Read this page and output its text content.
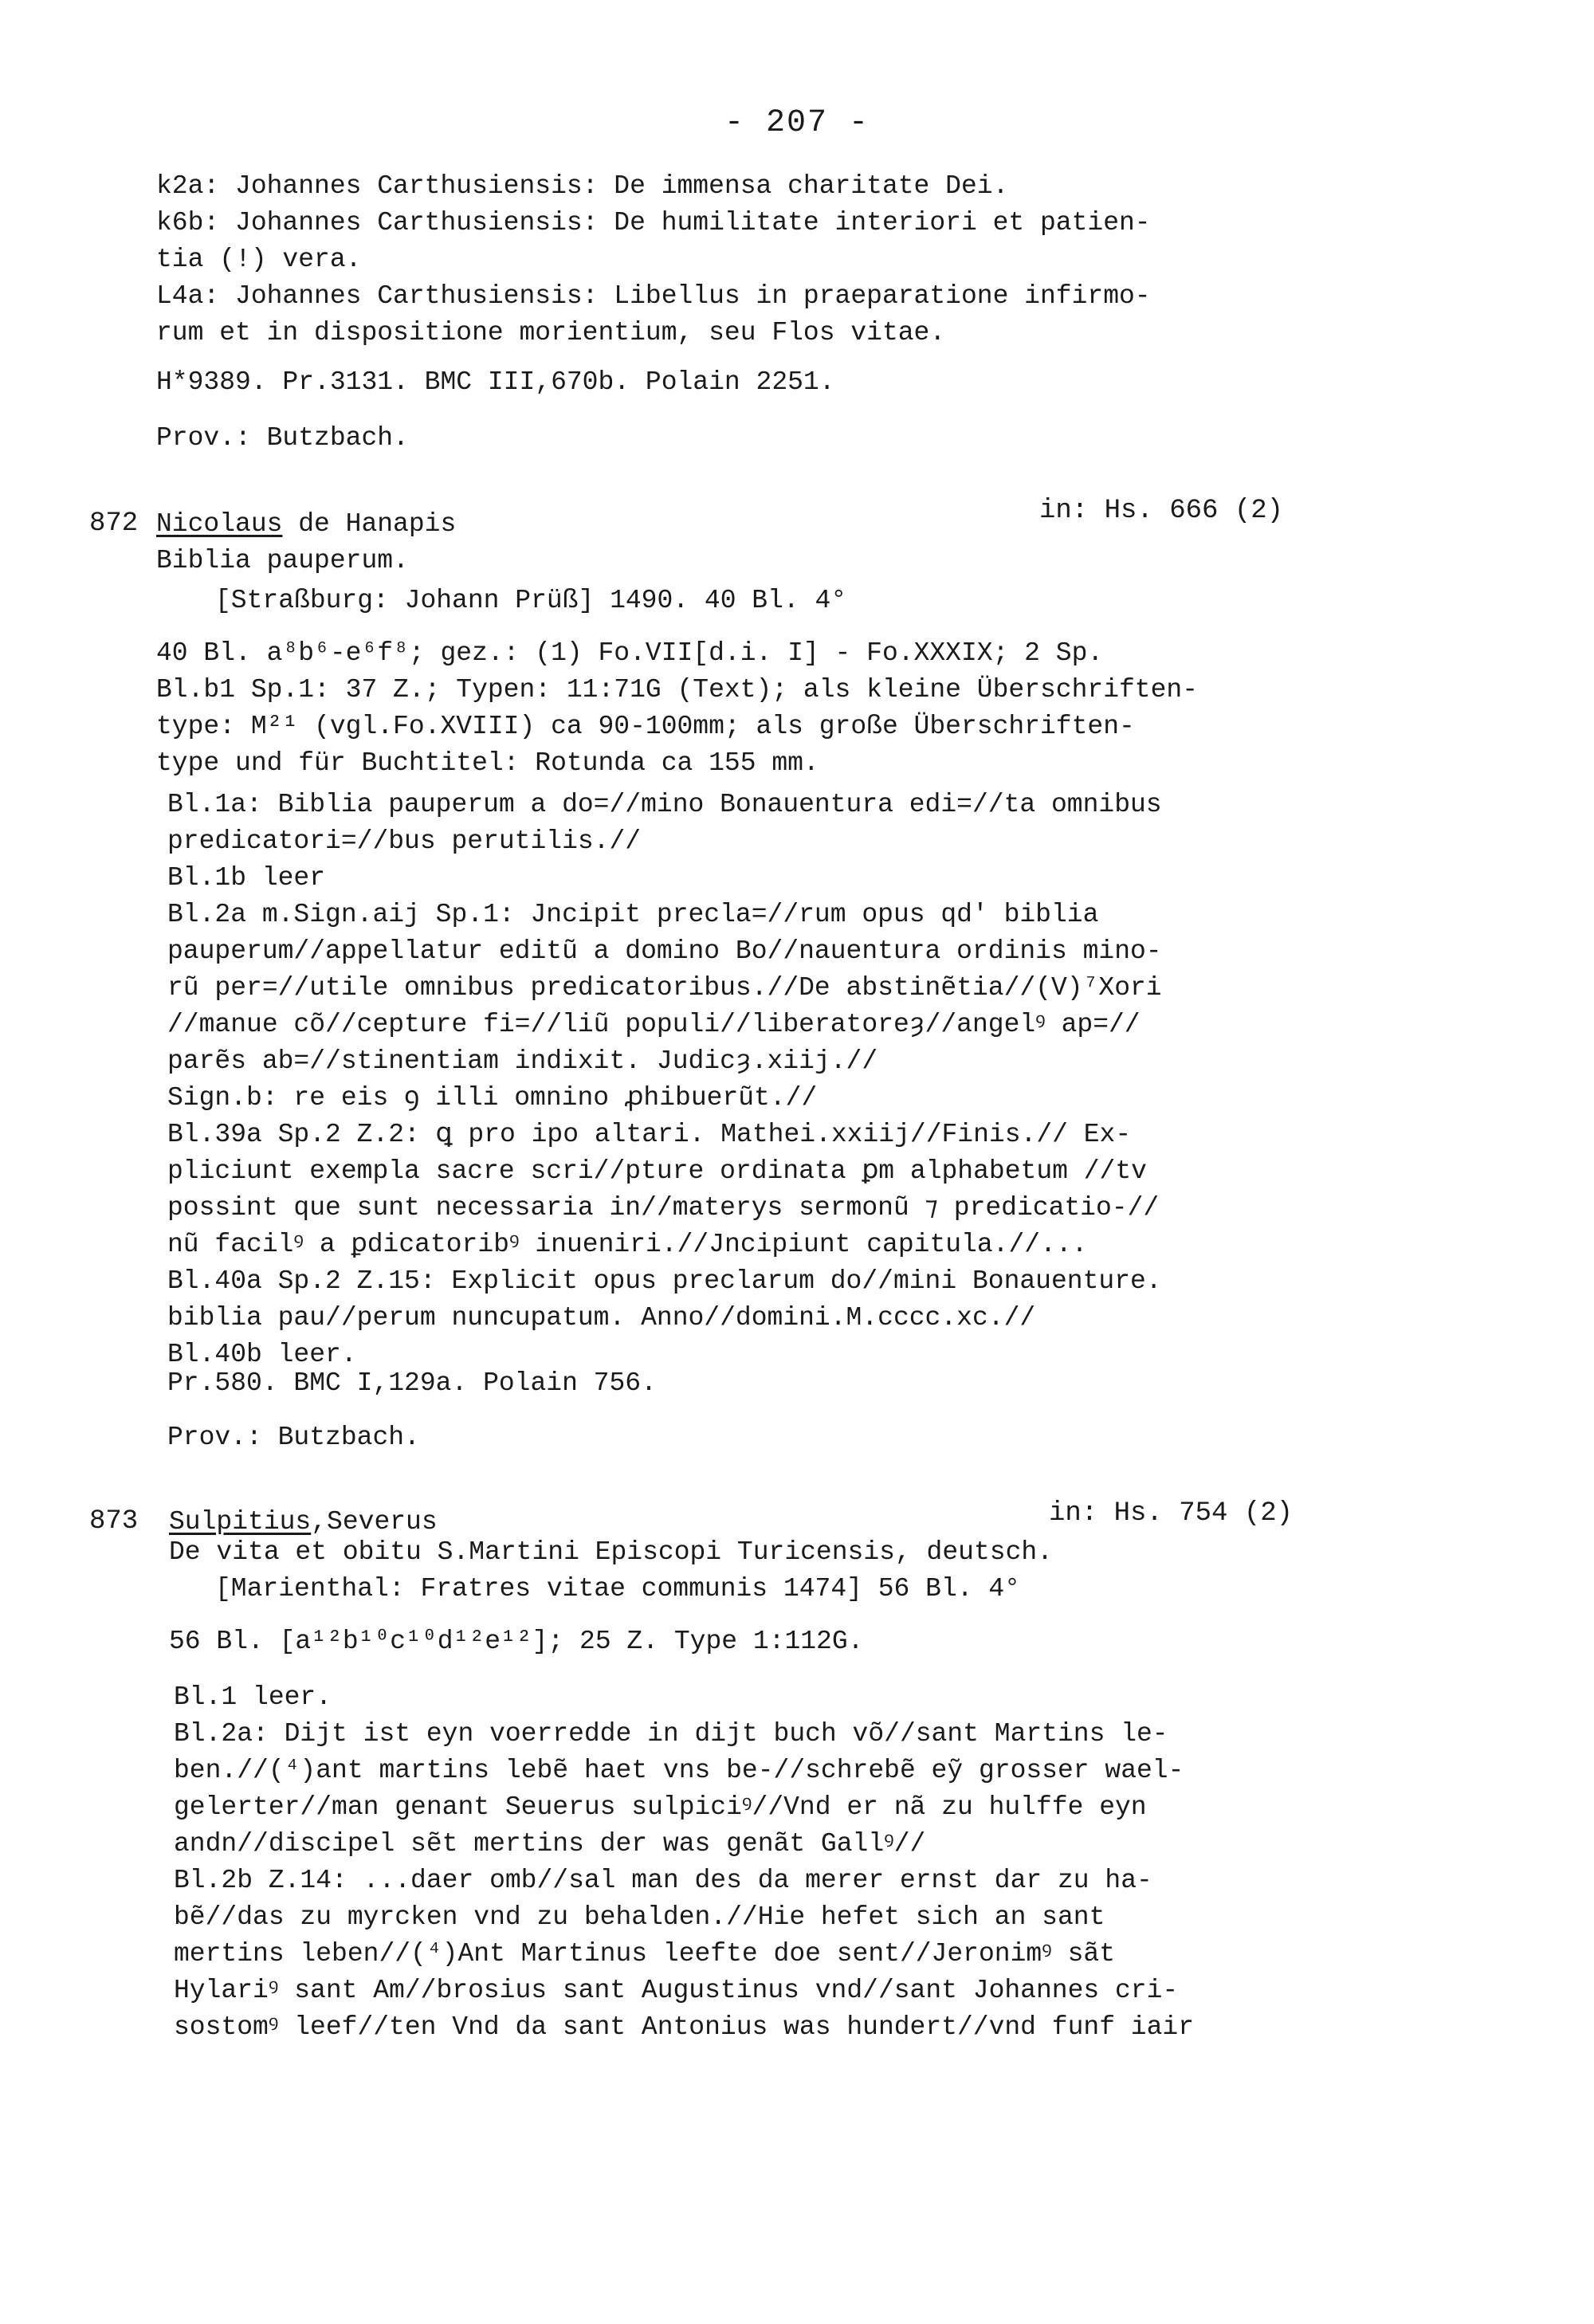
- 207 -
k2a: Johannes Carthusiensis: De immensa charitate Dei.
k6b: Johannes Carthusiensis: De humilitate interiori et patien-
tia (!) vera.
L4a: Johannes Carthusiensis: Libellus in praeparatione infirmo-
rum et in dispositione morientium, seu Flos vitae.
H*9389. Pr.3131. BMC III,670b. Polain 2251.
Prov.: Butzbach.
872 Nicolaus de Hanapis	in: Hs. 666 (2)
Biblia pauperum.
[Straßburg: Johann Prüß] 1490. 40 Bl. 4°
40 Bl. a⁸b⁶-e⁶f⁸; gez.: (1) Fo.VII[d.i. I] - Fo.XXXIX; 2 Sp.
Bl.b1 Sp.1: 37 Z.; Typen: 11:71G (Text); als kleine Überschriften-
type: M²¹ (vgl.Fo.XVIII) ca 90-100mm; als große Überschriften-
type und für Buchtitel: Rotunda ca 155 mm.
Bl.1a: Biblia pauperum a do=//mino Bonauentura edi=//ta omnibus
predicatori=//bus perutilis.//
Bl.1b leer
Bl.2a m.Sign.aij Sp.1: Jncipit precla=//rum opus qd' biblia
pauperum//appellatur editũ a domino Bo//nauentura ordinis mino-
rũ per=//utile omnibus predicatoribus.//De abstinẽtia//(V)⁷Xori
//manue cõ//cepture fi=//liũ populi//liberatoreȝ//angelꝰ ap=//
parẽs ab=//stinentiam indixit. Judicȝ.xiij.//
Sign.b: re eis ꝯ illi omnino ꝓhibuerũt.//
Bl.39a Sp.2 Z.2: ꝗ pro ipo altari. Mathei.xxiij//Finis.// Ex-
pliciunt exempla sacre scri//pture ordinata ꝑm alphabetum //tv
possint que sunt necessaria in//materys sermonũ ⁊ predicatio-//
nũ facilꝰ a ꝑdicatoribꝰ inueniri.//Jncipiunt capitula.//...
Bl.40a Sp.2 Z.15: Explicit opus preclarum do//mini Bonauenture.
biblia pau//perum nuncupatum. Anno//domini.M.cccc.xc.//
Bl.40b leer.
Pr.580. BMC I,129a. Polain 756.
Prov.: Butzbach.
873 Sulpitius,Severus	in: Hs. 754 (2)
De vita et obitu S.Martini Episcopi Turicensis, deutsch.
[Marienthal: Fratres vitae communis 1474] 56 Bl. 4°
56 Bl. [a¹²b¹⁰c¹⁰d¹²e¹²]; 25 Z. Type 1:112G.
Bl.1 leer.
Bl.2a: Dijt ist eyn voerredde in dijt buch võ//sant Martins le-
ben.//(⁴)ant martins lebẽ haet vns be-//schrebẽ eỹ grosser wael-
gelerter//man genant Seuerus sulpiciꝰ//Vnd er nã zu hulffe eyn
andn//discipel sẽt mertins der was genãt Gallꝰ//
Bl.2b Z.14: ...daer omb//sal man des da merer ernst dar zu ha-
bẽ//das zu myrcken vnd zu behalden.//Hie hefet sich an sant
mertins leben//(⁴)Ant Martinus leefte doe sent//Jeronimꝰ sãt
Hylariꝰ sant Am//brosius sant Augustinus vnd//sant Johannes cri-
sostomꝰ leef//ten Vnd da sant Antonius was hundert//vnd funf iair
